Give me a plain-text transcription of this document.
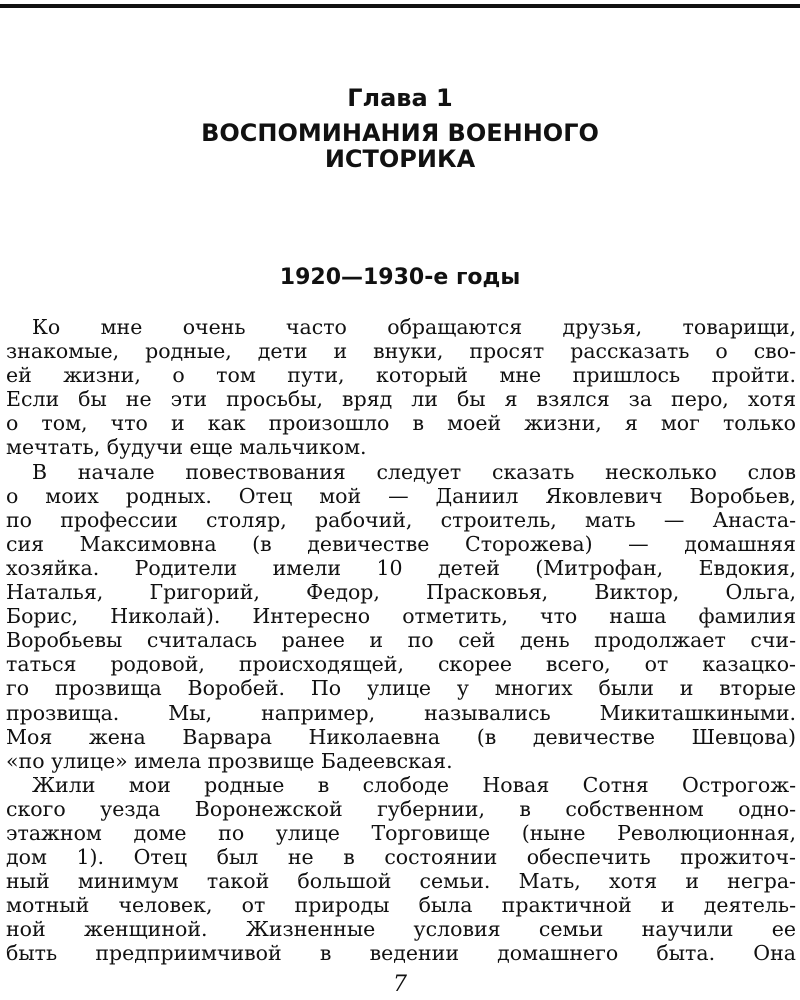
Глава 1
ВОСПОМИНАНИЯ ВОЕННОГО
ИСТОРИКА
1920—1930-е годы
Ко мне очень часто обращаются друзья, товарищи,
знакомые, родные, дети и внуки, просят рассказать о сво-
ей жизни, о том пути, который мне пришлось пройти.
Если бы не эти просьбы, вряд ли бы я взялся за перо, хотя
о том, что и как произошло в моей жизни, я мог только
мечтать, будучи еще мальчиком.
В начале повествования следует сказать несколько слов
о моих родных. Отец мой — Даниил Яковлевич Воробьев,
по профессии столяр, рабочий, строитель, мать — Анаста-
сия Максимовна (в девичестве Сторожева) — домашняя
хозяйка. Родители имели 10 детей (Митрофан, Евдокия,
Наталья, Григорий, Федор, Прасковья, Виктор, Ольга,
Борис, Николай). Интересно отметить, что наша фамилия
Воробьевы считалась ранее и по сей день продолжает счи-
таться родовой, происходящей, скорее всего, от казацко-
го прозвища Воробей. По улице у многих были и вторые
прозвища. Мы, например, назывались Микиташкиными.
Моя жена Варвара Николаевна (в девичестве Шевцова)
«по улице» имела прозвище Бадеевская.
Жили мои родные в слободе Новая Сотня Острогож-
ского уезда Воронежской губернии, в собственном одно-
этажном доме по улице Торговище (ныне Революционная,
дом 1). Отец был не в состоянии обеспечить прожиточ-
ный минимум такой большой семьи. Мать, хотя и негра-
мотный человек, от природы была практичной и деятель-
ной женщиной. Жизненные условия семьи научили ее
быть предприимчивой в ведении домашнего быта. Она
7
